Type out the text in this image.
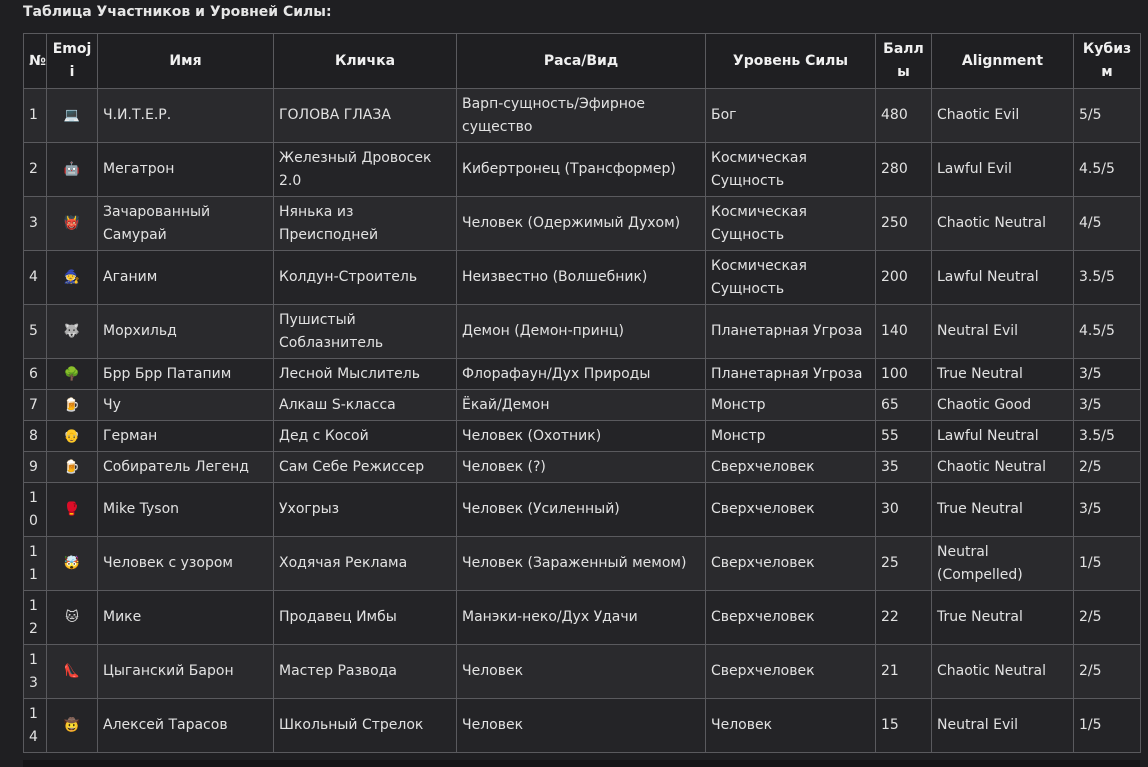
Таблица Участников и Уровней Силы:
№	Emoji	Имя	Кличка	Раса/Вид	Уровень Силы	Баллы	Alignment	Кубизм
1	💻	Ч.И.Т.Е.Р.	ГОЛОВА ГЛАЗА	Варп-сущность/Эфирное существо	Бог	480	Chaotic Evil	5/5
2	🤖	Мегатрон	Железный Дровосек 2.0	Кибертронец (Трансформер)	Космическая Сущность	280	Lawful Evil	4.5/5
3	👹	Зачарованный Самурай	Нянька из Преисподней	Человек (Одержимый Духом)	Космическая Сущность	250	Chaotic Neutral	4/5
4	🧙	Аганим	Колдун-Строитель	Неизвестно (Волшебник)	Космическая Сущность	200	Lawful Neutral	3.5/5
5	🐺	Морхильд	Пушистый Соблазнитель	Демон (Демон-принц)	Планетарная Угроза	140	Neutral Evil	4.5/5
6	🌳	Брр Брр Патапим	Лесной Мыслитель	Флорафаун/Дух Природы	Планетарная Угроза	100	True Neutral	3/5
7	🍺	Чу	Алкаш S-класса	Ёкай/Демон	Монстр	65	Chaotic Good	3/5
8	👴	Герман	Дед с Косой	Человек (Охотник)	Монстр	55	Lawful Neutral	3.5/5
9	🍺	Собиратель Легенд	Сам Себе Режиссер	Человек (?)	Сверхчеловек	35	Chaotic Neutral	2/5
10	🥊	Mike Tyson	Ухогрыз	Человек (Усиленный)	Сверхчеловек	30	True Neutral	3/5
11	🤯	Человек с узором	Ходячая Реклама	Человек (Зараженный мемом)	Сверхчеловек	25	Neutral (Compelled)	1/5
12	🐱	Мике	Продавец Имбы	Манэки-неко/Дух Удачи	Сверхчеловек	22	True Neutral	2/5
13	👠	Цыганский Барон	Мастер Развода	Человек	Сверхчеловек	21	Chaotic Neutral	2/5
14	🤠	Алексей Тарасов	Школьный Стрелок	Человек	Человек	15	Neutral Evil	1/5
